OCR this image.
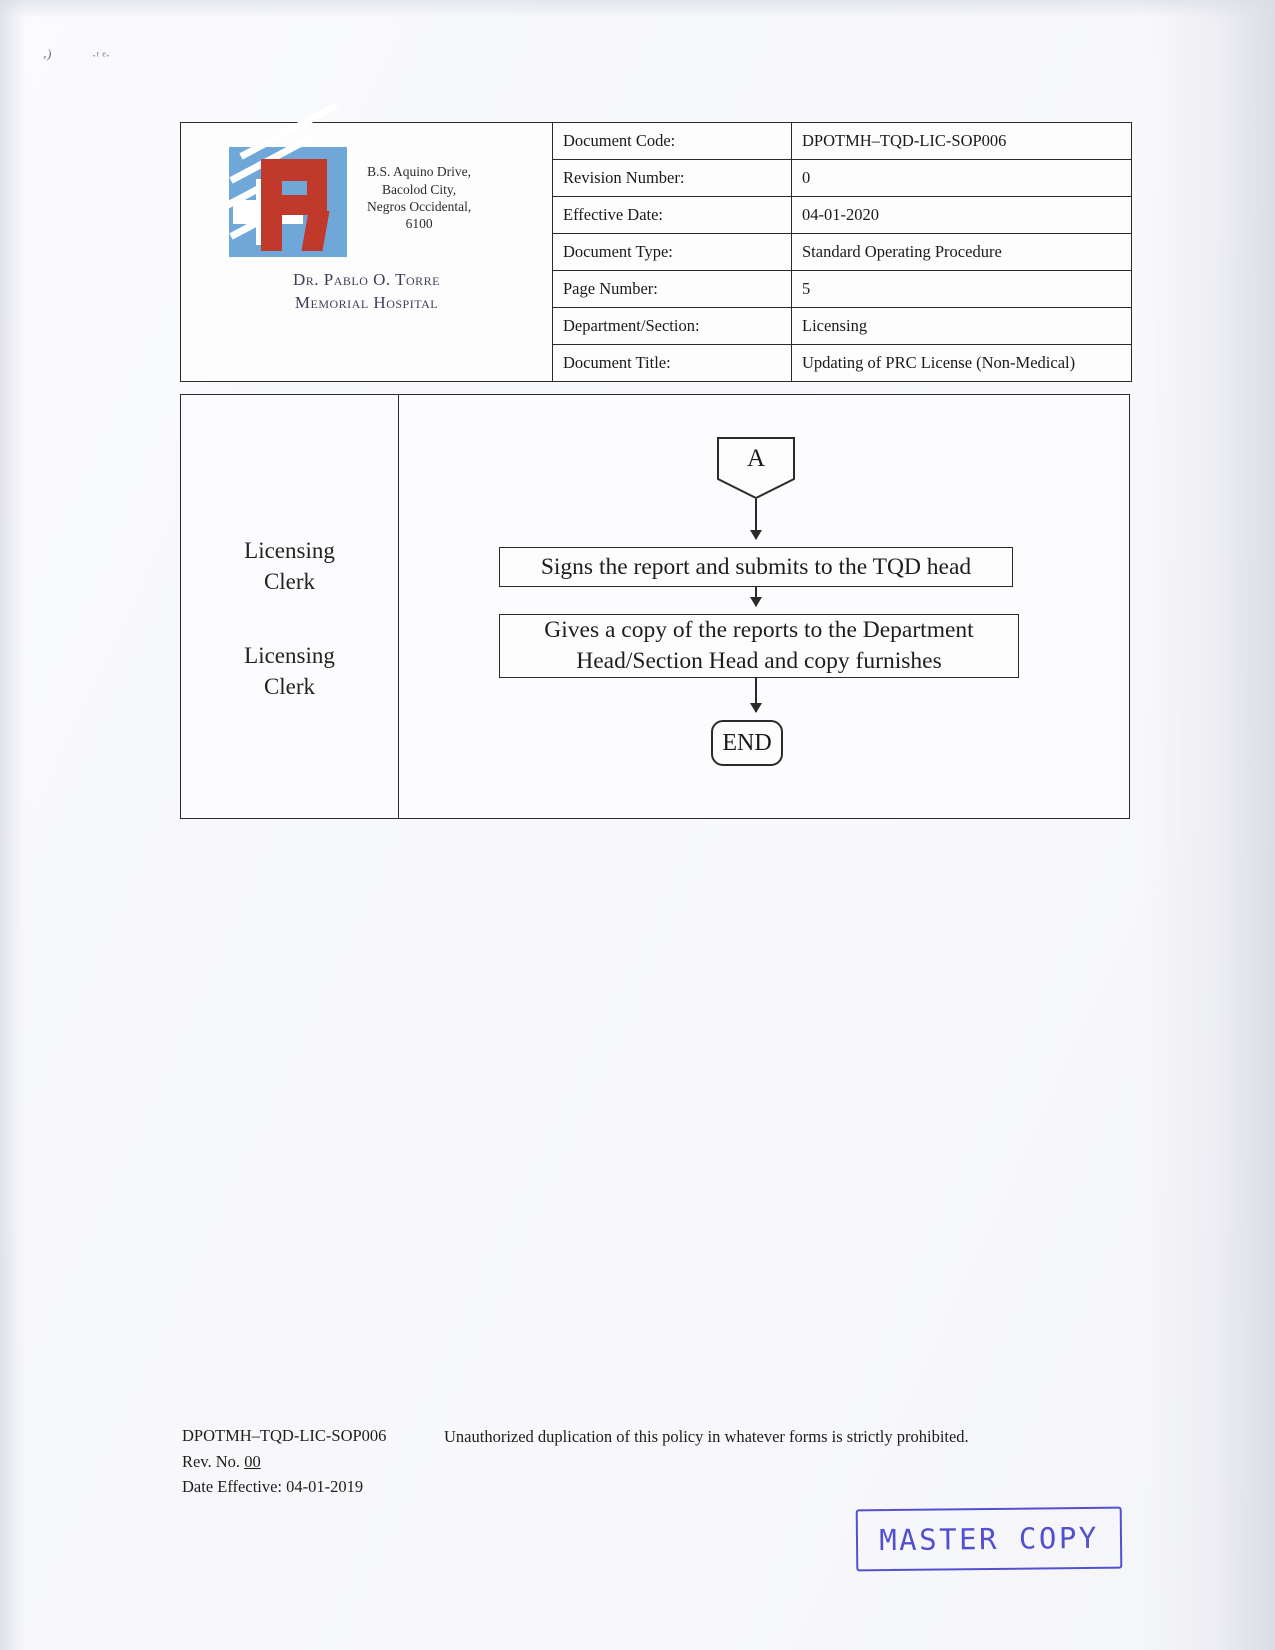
,)	·ʳ ᵉ·
B.S. Aquino Drive,
Bacolod City,
Negros Occidental,
6100
Dr. Pablo O. Torre
Memorial Hospital
Document Code:	DPOTMH–TQD-LIC-SOP006
Revision Number:	0
Effective Date:	04-01-2020
Document Type:	Standard Operating Procedure
Page Number:	5
Department/Section:	Licensing
Document Title:	Updating of PRC License (Non-Medical)
Licensing
Clerk
Licensing
Clerk
A
Signs the report and submits to the TQD head
Gives a copy of the reports to the Department
Head/Section Head and copy furnishes
END
DPOTMH–TQD-LIC-SOP006	Unauthorized duplication of this policy in whatever forms is strictly prohibited.
Rev. No. 00
Date Effective: 04-01-2019
MASTER COPY
